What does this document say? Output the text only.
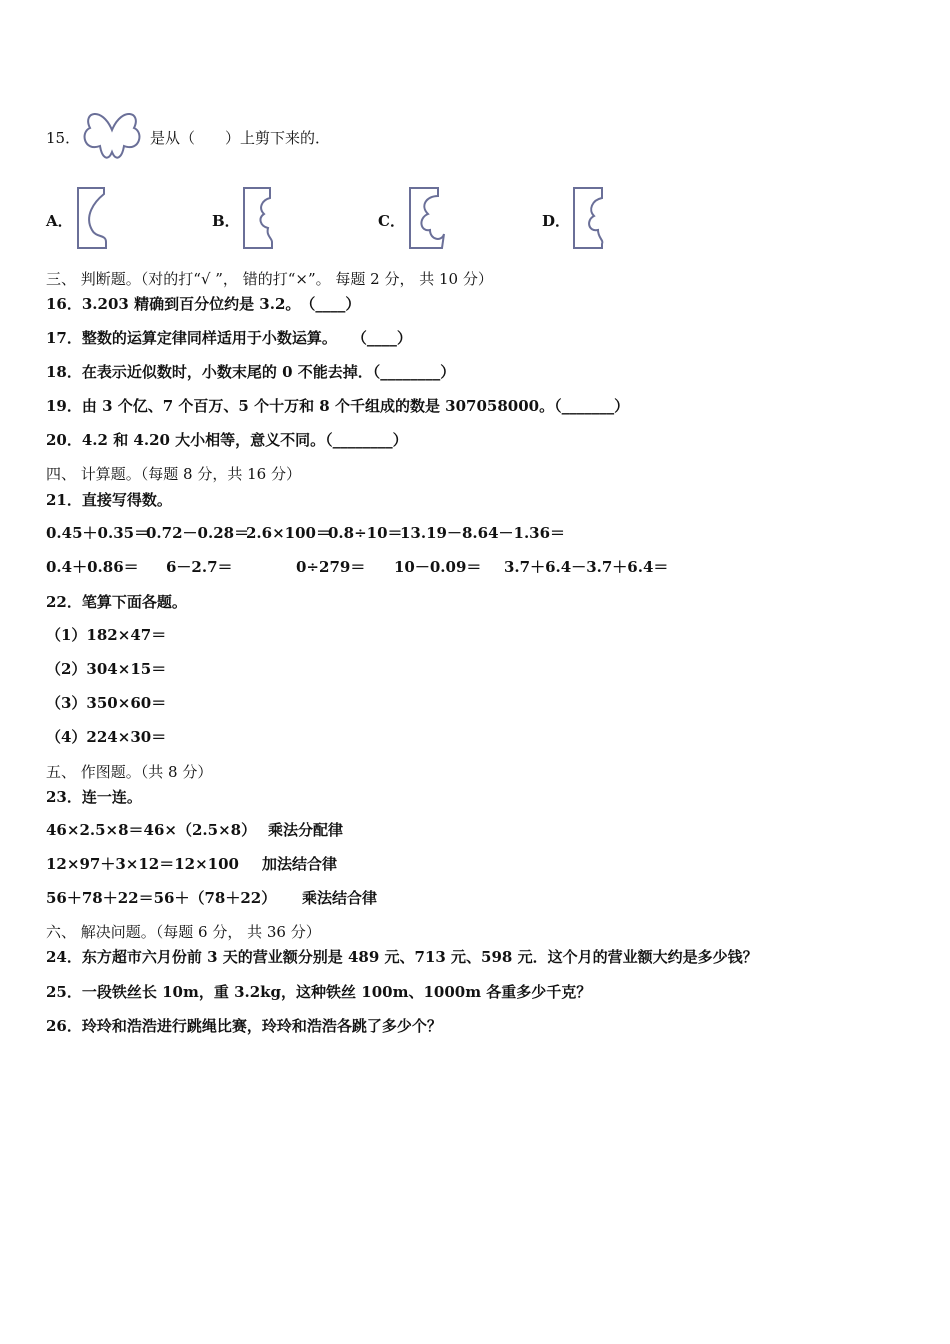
15．	是从（　　）上剪下来的．
A．	B．	C．	D．
三、 判断题。（对的打“√ ”， 错的打“×”。 每题 2 分， 共 10 分）
16．3.203 精确到百分位约是 3.2。　（____）
17．整数的运算定律同样适用于小数运算。　　（____）
18．在表示近似数时，小数末尾的 0 不能去掉．（________）
19．由 3 个亿、7 个百万、5 个十万和 8 个千组成的数是 307058000。（_______）
20．4.2 和 4.20 大小相等，意义不同。（________）
四、 计算题。（每题 8 分，共 16 分）
21．直接写得数。
0.45＋0.35＝
0.72－0.28＝
2.6×100＝
0.8÷10＝
13.19－8.64－1.36＝
0.4＋0.86＝ 6－2.7＝	0÷279＝ 10－0.09＝ 3.7＋6.4－3.7＋6.4＝
22．笔算下面各题。
（1）182×47＝
（2）304×15＝
（3）350×60＝
（4）224×30＝
五、 作图题。（共 8 分）
23．连一连。
46×2.5×8＝46×（2.5×8） 乘法分配律
12×97＋3×12＝12×100 加法结合律
56＋78＋22＝56＋（78＋22） 乘法结合律
六、 解决问题。（每题 6 分， 共 36 分）
24．东方超市六月份前 3 天的营业额分别是 489 元、713 元、598 元．这个月的营业额大约是多少钱？
25．一段铁丝长 10m，重 3.2kg，这种铁丝 100m、1000m 各重多少千克？
26．玲玲和浩浩进行跳绳比赛，玲玲和浩浩各跳了多少个？
